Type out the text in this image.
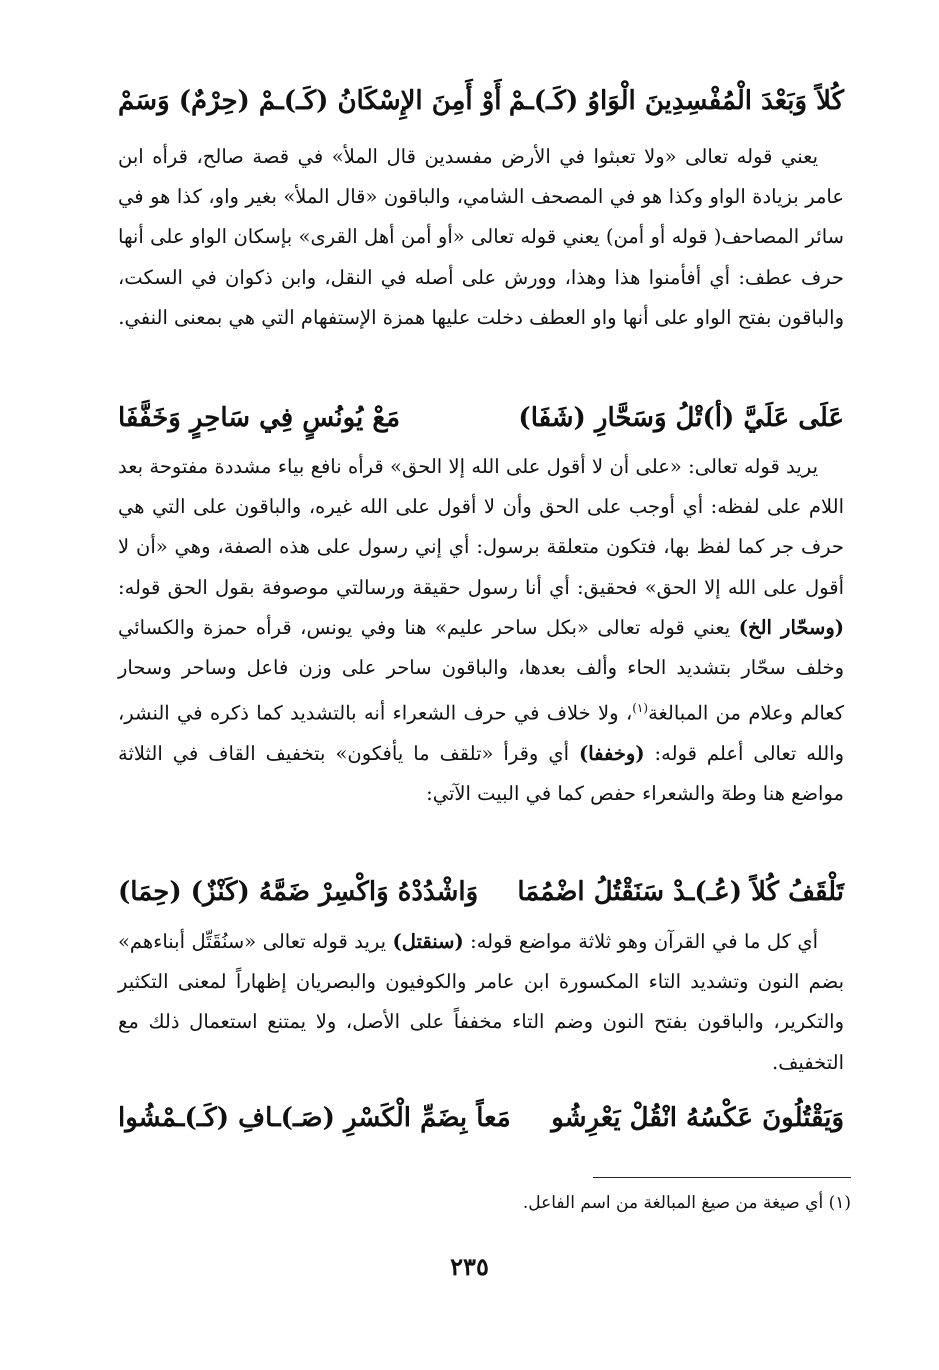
كُلاً وَبَعْدَ الْمُفْسِدِينَ الْوَاوُ (كَـ)ـمْ
أَوْ أَمِنَ الإِسْكَانُ (كَـ)ـمْ (حِرْمٌ) وَسَمْ

يعني قوله تعالى «ولا تعبثوا في الأرض مفسدين قال الملأ» في قصة صالح، قرأه ابن عامر بزيادة الواو وكذا هو في المصحف الشامي، والباقون «قال الملأ» بغير واو، كذا هو في سائر المصاحف( قوله أو أمن) يعني قوله تعالى «أو أمن أهل القرى» بإسكان الواو على أنها حرف عطف: أي أفأمنوا هذا وهذا، وورش على أصله في النقل، وابن ذكوان في السكت، والباقون بفتح الواو على أنها واو العطف دخلت عليها همزة الإستفهام التي هي بمعنى النفي.

عَلَى عَلَيَّ (أ)تْلُ وَسَحَّارِ (شَفَا)
مَعْ يُونُسٍ فِي سَاحِرٍ وَخَفَّفَا

يريد قوله تعالى: «على أن لا أقول على الله إلا الحق» قرأه نافع بياء مشددة مفتوحة بعد اللام على لفظه: أي أوجب على الحق وأن لا أقول على الله غيره، والباقون على التي هي حرف جر كما لفظ بها، فتكون متعلقة برسول: أي إني رسول على هذه الصفة، وهي «أن لا أقول على الله إلا الحق» فحقيق: أي أنا رسول حقيقة ورسالتي موصوفة بقول الحق قوله: (وسحّار الخ) يعني قوله تعالى «بكل ساحر عليم» هنا وفي يونس، قرأه حمزة والكسائي وخلف سحّار بتشديد الحاء وألف بعدها، والباقون ساحر على وزن فاعل وساحر وسحار كعالم وعلام من المبالغة$^{(١)}$، ولا خلاف في حرف الشعراء أنه بالتشديد كما ذكره في النشر، والله تعالى أعلم قوله: (وخففا) أي وقرأ «تلقف ما يأفكون» بتخفيف القاف في الثلاثة مواضع هنا وطهٓ والشعراء حفص كما في البيت الآتي:

تَلْقَفُ كُلاً (عُـ)ـدْ سَنَقْتُلُ اضْمُمَا
وَاشْدُدْهُ وَاكْسِرْ ضَمَّهُ (كَنْزٌ) (حِمَا)

أي كل ما في القرآن وهو ثلاثة مواضع قوله: (سنقتل) يريد قوله تعالى «سنُقَتِّل أبناءهم» بضم النون وتشديد التاء المكسورة ابن عامر والكوفيون والبصريان إظهاراً لمعنى التكثير والتكرير، والباقون بفتح النون وضم التاء مخففاً على الأصل، ولا يمتنع استعمال ذلك مع التخفيف.

وَيَقْتُلُونَ عَكْسُهُ انْقُلْ يَعْرِشُو
مَعاً بِضَمِّ الْكَسْرِ (صَـ)ـافِ (كَـ)ـمْشُوا
(١) أي صيغة من صيغ المبالغة من اسم الفاعل.
٢٣٥
